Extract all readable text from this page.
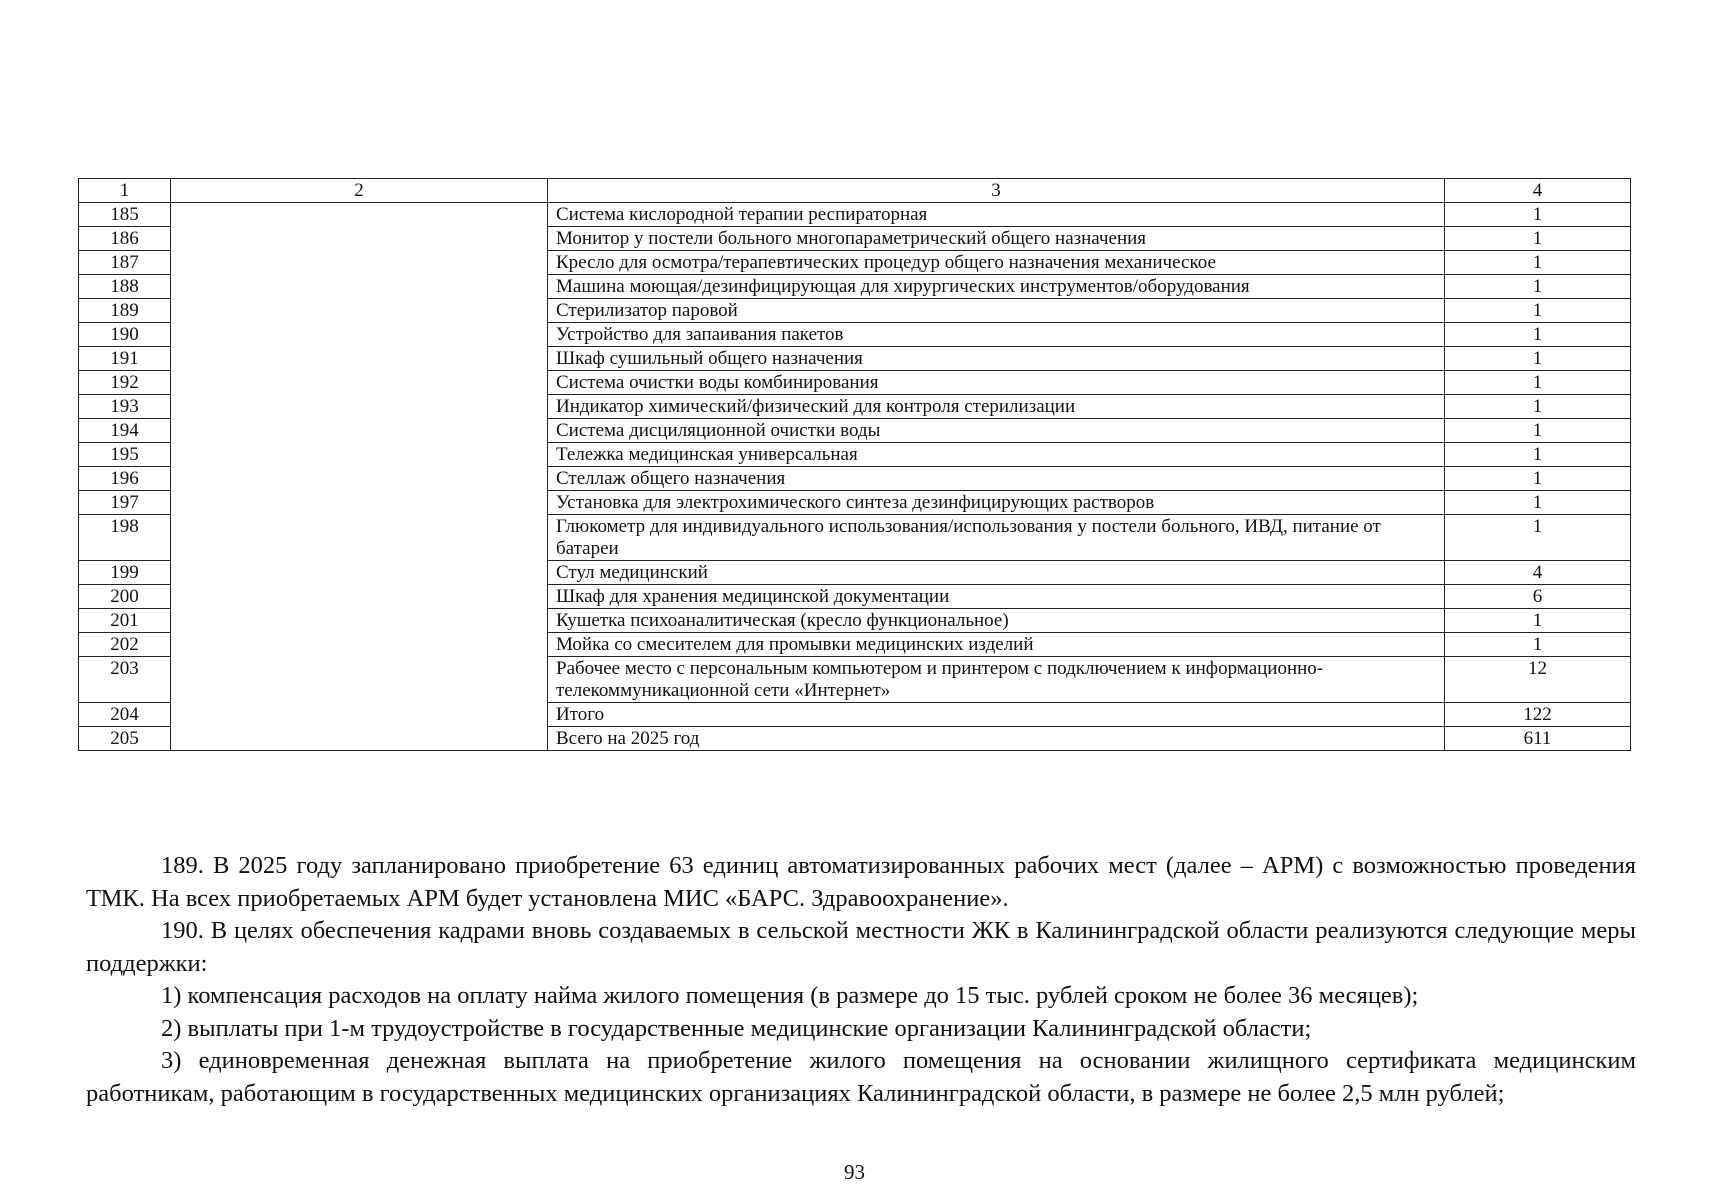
1	2	3	4
185		Система кислородной терапии респираторная	1
186		Монитор у постели больного многопараметрический общего назначения	1
187		Кресло для осмотра/терапевтических процедур общего назначения механическое	1
188		Машина моющая/дезинфицирующая для хирургических инструментов/оборудования	1
189		Стерилизатор паровой	1
190		Устройство для запаивания пакетов	1
191		Шкаф сушильный общего назначения	1
192		Система очистки воды комбинирования	1
193		Индикатор химический/физический для контроля стерилизации	1
194		Система дисциляционной очистки воды	1
195		Тележка медицинская универсальная	1
196		Стеллаж общего назначения	1
197		Установка для электрохимического синтеза дезинфицирующих растворов	1
198		Глюкометр для индивидуального использования/использования у постели больного, ИВД, питание от батареи	1
199		Стул медицинский	4
200		Шкаф для хранения медицинской документации	6
201		Кушетка психоаналитическая (кресло функциональное)	1
202		Мойка со смесителем для промывки медицинских изделий	1
203		Рабочее место с персональным компьютером и принтером с подключением к информационно-телекоммуникационной сети «Интернет»	12
204		Итого	122
205		Всего на 2025 год	611

189. В 2025 году запланировано приобретение 63 единиц автоматизированных рабочих мест (далее – АРМ) с возможностью проведения ТМК. На всех приобретаемых АРМ будет установлена МИС «БАРС. Здравоохранение».

190. В целях обеспечения кадрами вновь создаваемых в сельской местности ЖК в Калининградской области реализуются следующие меры поддержки:

1) компенсация расходов на оплату найма жилого помещения (в размере до 15 тыс. рублей сроком не более 36 месяцев);

2) выплаты при 1-м трудоустройстве в государственные медицинские организации Калининградской области;

3) единовременная денежная выплата на приобретение жилого помещения на основании жилищного сертификата медицинским работникам, работающим в государственных медицинских организациях Калининградской области, в размере не более 2,5 млн рублей;

93
